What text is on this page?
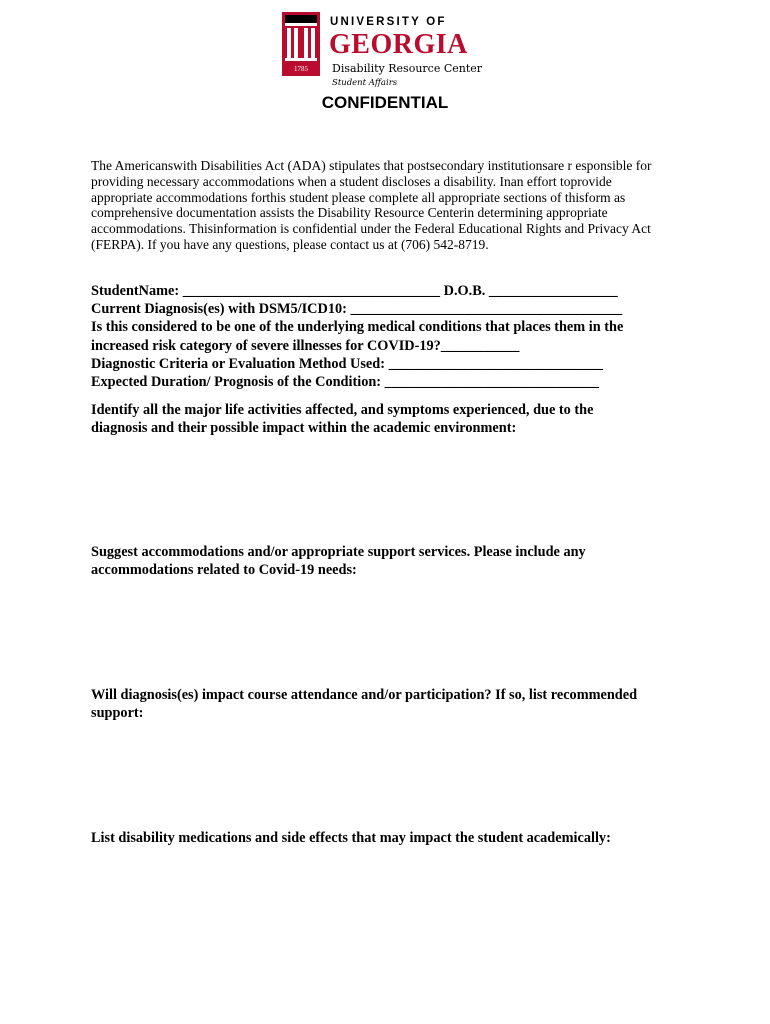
1785
UNIVERSITY OF
GEORGIA
Disability Resource Center
Student Affairs
CONFIDENTIAL
The Americanswith Disabilities Act (ADA) stipulates that postsecondary institutionsare r esponsible for
providing necessary accommodations when a student discloses a disability. Inan effort toprovide
appropriate accommodations forthis student please complete all appropriate sections of thisform as
comprehensive documentation assists the Disability Resource Centerin determining appropriate
accommodations. Thisinformation is confidential under the Federal Educational Rights and Privacy Act
(FERPA). If you have any questions, please contact us at (706) 542-8719.
StudentName: ____________________________________ D.O.B. __________________
Current Diagnosis(es) with DSM5/ICD10: ______________________________________
Is this considered to be one of the underlying medical conditions that places them in the
increased risk category of severe illnesses for COVID-19?___________
Diagnostic Criteria or Evaluation Method Used: ______________________________
Expected Duration/ Prognosis of the Condition: ______________________________
Identify all the major life activities affected, and symptoms experienced, due to the
diagnosis and their possible impact within the academic environment:
Suggest accommodations and/or appropriate support services. Please include any
accommodations related to Covid-19 needs:
Will diagnosis(es) impact course attendance and/or participation? If so, list recommended
support:
List disability medications and side effects that may impact the student academically:
